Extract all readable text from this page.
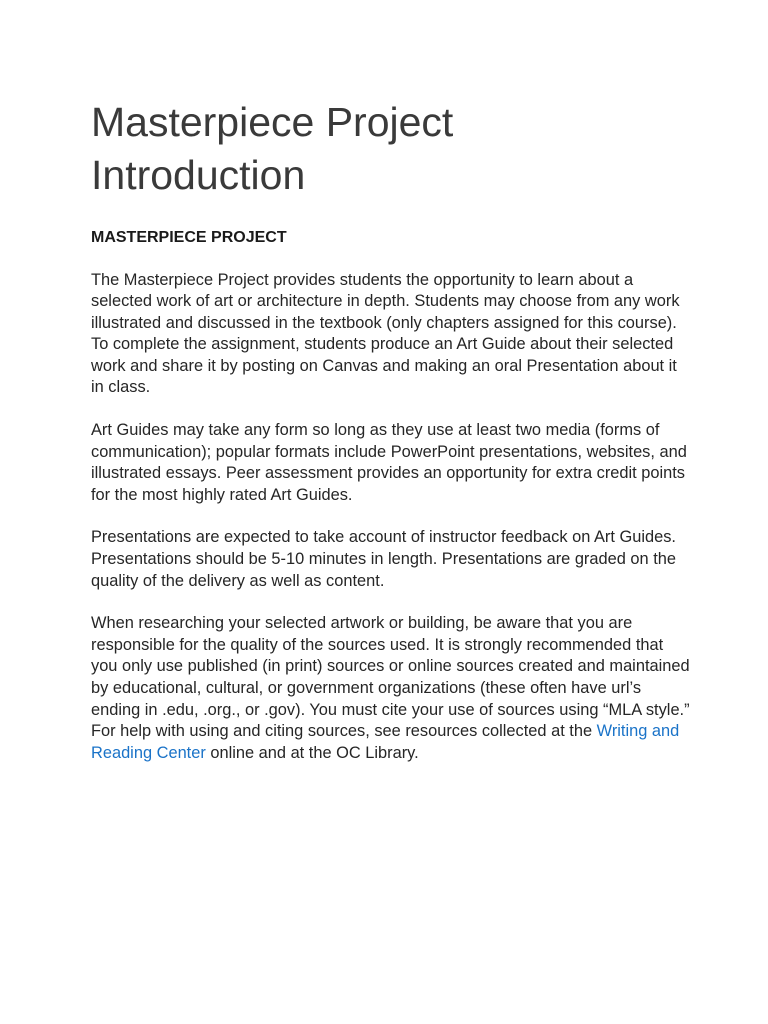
Masterpiece Project
Introduction
MASTERPIECE PROJECT

The Masterpiece Project provides students the opportunity to learn about a selected work of art or architecture in depth. Students may choose from any work illustrated and discussed in the textbook (only chapters assigned for this course). To complete the assignment, students produce an Art Guide about their selected work and share it by posting on Canvas and making an oral Presentation about it in class.

Art Guides may take any form so long as they use at least two media (forms of communication); popular formats include PowerPoint presentations, websites, and illustrated essays. Peer assessment provides an opportunity for extra credit points for the most highly rated Art Guides.

Presentations are expected to take account of instructor feedback on Art Guides. Presentations should be 5-10 minutes in length. Presentations are graded on the quality of the delivery as well as content.

When researching your selected artwork or building, be aware that you are responsible for the quality of the sources used. It is strongly recommended that you only use published (in print) sources or online sources created and maintained by educational, cultural, or government organizations (these often have url’s ending in .edu, .org., or .gov). You must cite your use of sources using “MLA style.” For help with using and citing sources, see resources collected at the Writing and Reading Center online and at the OC Library.
